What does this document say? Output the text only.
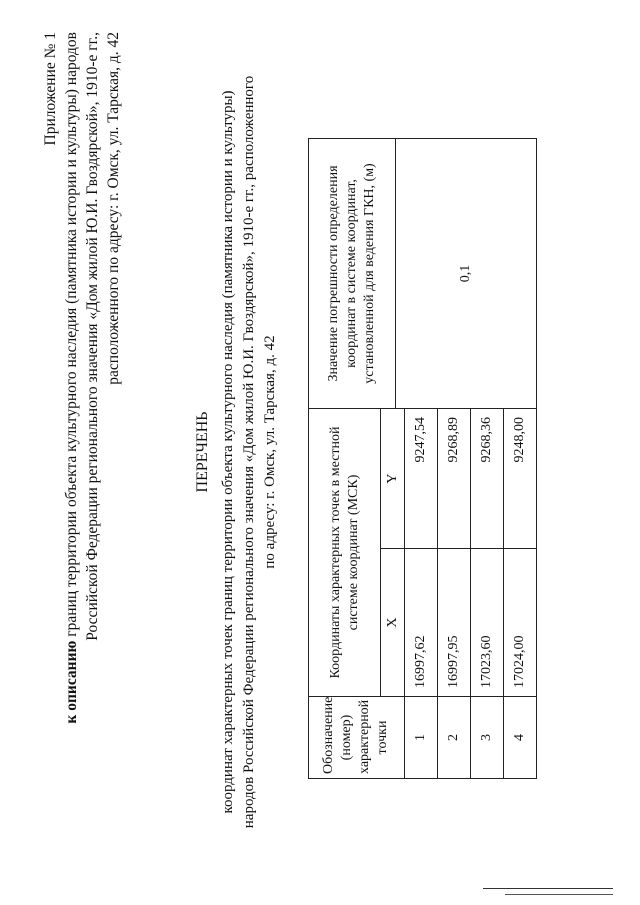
Приложение № 1
к описанию границ территории объекта культурного наследия (памятника истории и культуры) народов Российской Федерации регионального значения «Дом жилой Ю.И. Гвоздярской», 1910-е гг., расположенного по адресу: г. Омск, ул. Тарская, д. 42
ПЕРЕЧЕНЬ координат характерных точек границ территории объекта культурного наследия (памятника истории и культуры) народов Российской Федерации регионального значения «Дом жилой Ю.И. Гвоздярской», 1910-е гг., расположенного по адресу: г. Омск, ул. Тарская, д. 42
Обозначение (номер) характерной точки	Координаты характерных точек в местной системе координат (МСК)		Значение погрешности определения координат в системе координат, установленной для ведения ГКН, (м) 0,1

	X	Y	
1	16997,62	9247,54	
2	16997,95	9268,89	
3	17023,60	9268,36	
4	17024,00	9248,00	
